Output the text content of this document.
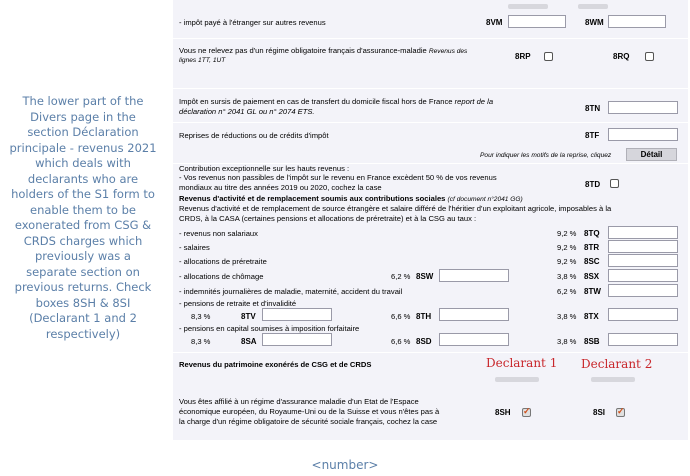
The lower part of the Divers page in the section Déclaration principale - revenus 2021 which deals with declarants who are holders of the S1 form to enable them to be exonerated from CSG & CRDS charges which previously was a separate section on previous returns. Check boxes 8SH & 8SI (Declarant 1 and 2 respectively)
- impôt payé à l'étranger sur autres revenus	8VM	8WM
Vous ne relevez pas d'un régime obligatoire français d'assurance-maladie Revenus des
lignes 1TT, 1UT	8RP	8RQ
Impôt en sursis de paiement en cas de transfert du domicile fiscal hors de France report de la
déclaration n° 2041 GL ou n° 2074 ETS.	8TN
Reprises de réductions ou de crédits d'impôt	8TF
Pour indiquer les motifs de la reprise, cliquez	Détail
Contribution exceptionnelle sur les hauts revenus :
- Vos revenus non passibles de l'impôt sur le revenu en France excèdent 50 % de vos revenus
mondiaux au titre des années 2019 ou 2020, cochez la case	8TD
Revenus d'activité et de remplacement soumis aux contributions sociales (cf document n°2041 GG)
Revenus d'activité et de remplacement de source étrangère et salaire différé de l'héritier d'un exploitant agricole, imposables à la
CRDS, à la CASA (certaines pensions et allocations de préretraite) et à la CSG au taux :
- revenus non salariaux	9,2 % 8TQ
- salaires	9,2 % 8TR
- allocations de préretraite	9,2 % 8SC
- allocations de chômage	6,2 % 8SW	3,8 % 8SX
- indemnités journalières de maladie, maternité, accident du travail	6,2 % 8TW
- pensions de retraite et d'invalidité
8,3 %	8TV	6,6 % 8TH	3,8 % 8TX
- pensions en capital soumises à imposition forfaitaire
8,3 %	8SA	6,6 % 8SD	3,8 % 8SB
Revenus du patrimoine exonérés de CSG et de CRDS	Declarant 1 Declarant 2
Vous êtes affilié à un régime d'assurance maladie d'un Etat de l'Espace
économique européen, du Royaume-Uni ou de la Suisse et vous n'êtes pas à
la charge d'un régime obligatoire de sécurité sociale français, cochez la case
8SH
✓	8SI
✓
<number>
